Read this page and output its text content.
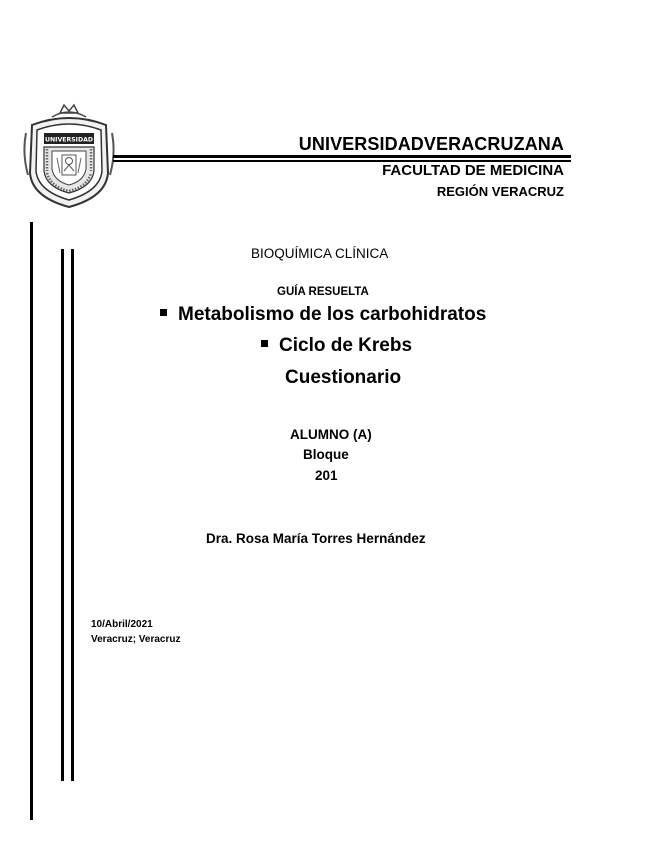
UNIVERSIDAD	UNIVERSIDADVERACRUZANA
FACULTAD DE MEDICINA
REGIÓN VERACRUZ
BIOQUÍMICA CLÍNICA
GUÍA RESUELTA
Metabolismo de los carbohidratos
Ciclo de Krebs
Cuestionario
ALUMNO (A)
Bloque
201
Dra. Rosa María Torres Hernández
10/Abril/2021
Veracruz; Veracruz
